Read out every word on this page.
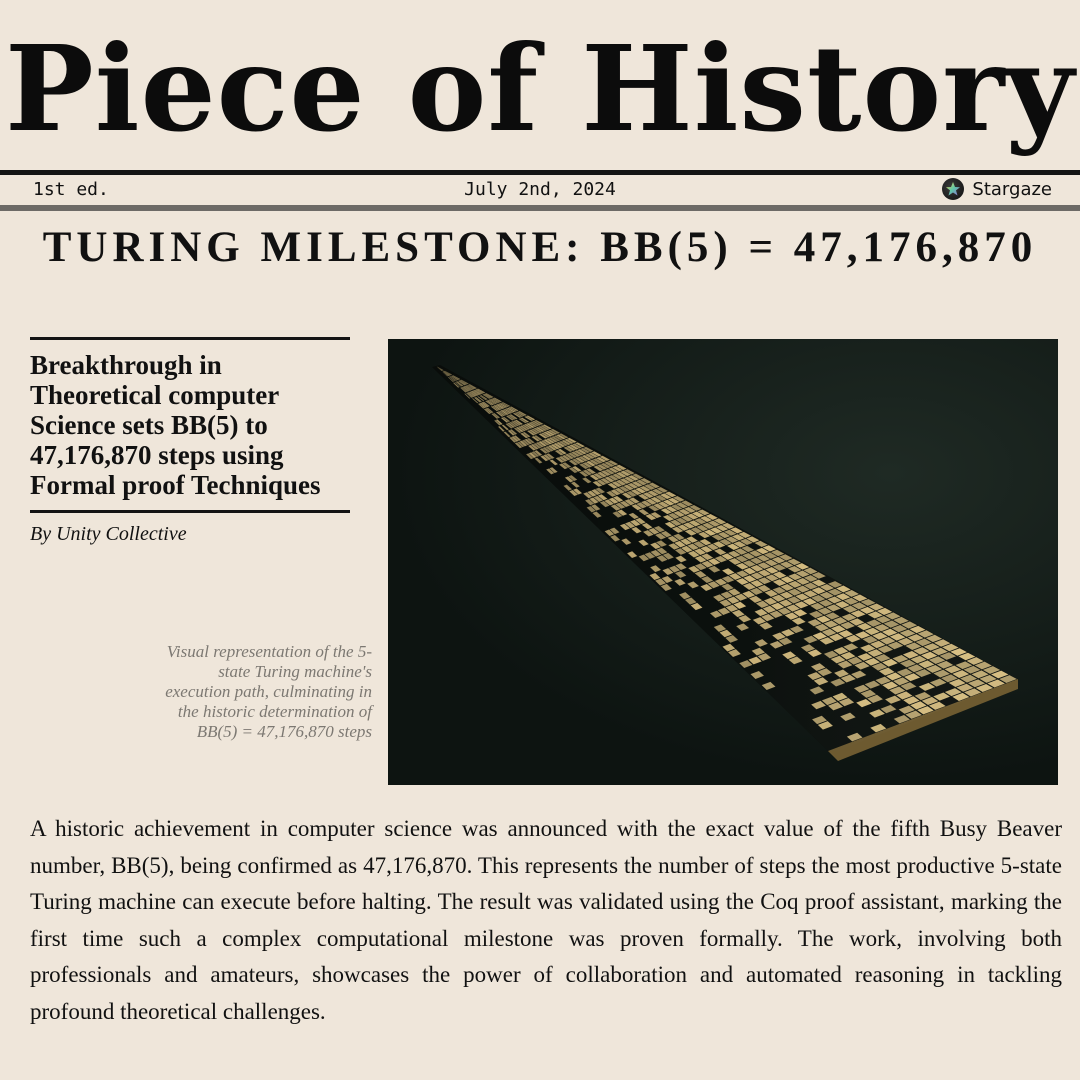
Piece of History
1st ed.	July 2nd, 2024	Stargaze
TURING MILESTONE: BB(5) = 47,176,870
Breakthrough in Theoretical computer Science sets BB(5) to 47,176,870 steps using Formal proof Techniques
By Unity Collective
Visual representation of the 5-state Turing machine's execution path, culminating in the historic determination of BB(5) = 47,176,870 steps

A historic achievement in computer science was announced with the exact value of the fifth Busy Beaver number, BB(5), being confirmed as 47,176,870. This represents the number of steps the most productive 5-state Turing machine can execute before halting. The result was validated using the Coq proof assistant, marking the first time such a complex computational milestone was proven formally. The work, involving both professionals and amateurs, showcases the power of collaboration and automated reasoning in tackling profound theoretical challenges.
